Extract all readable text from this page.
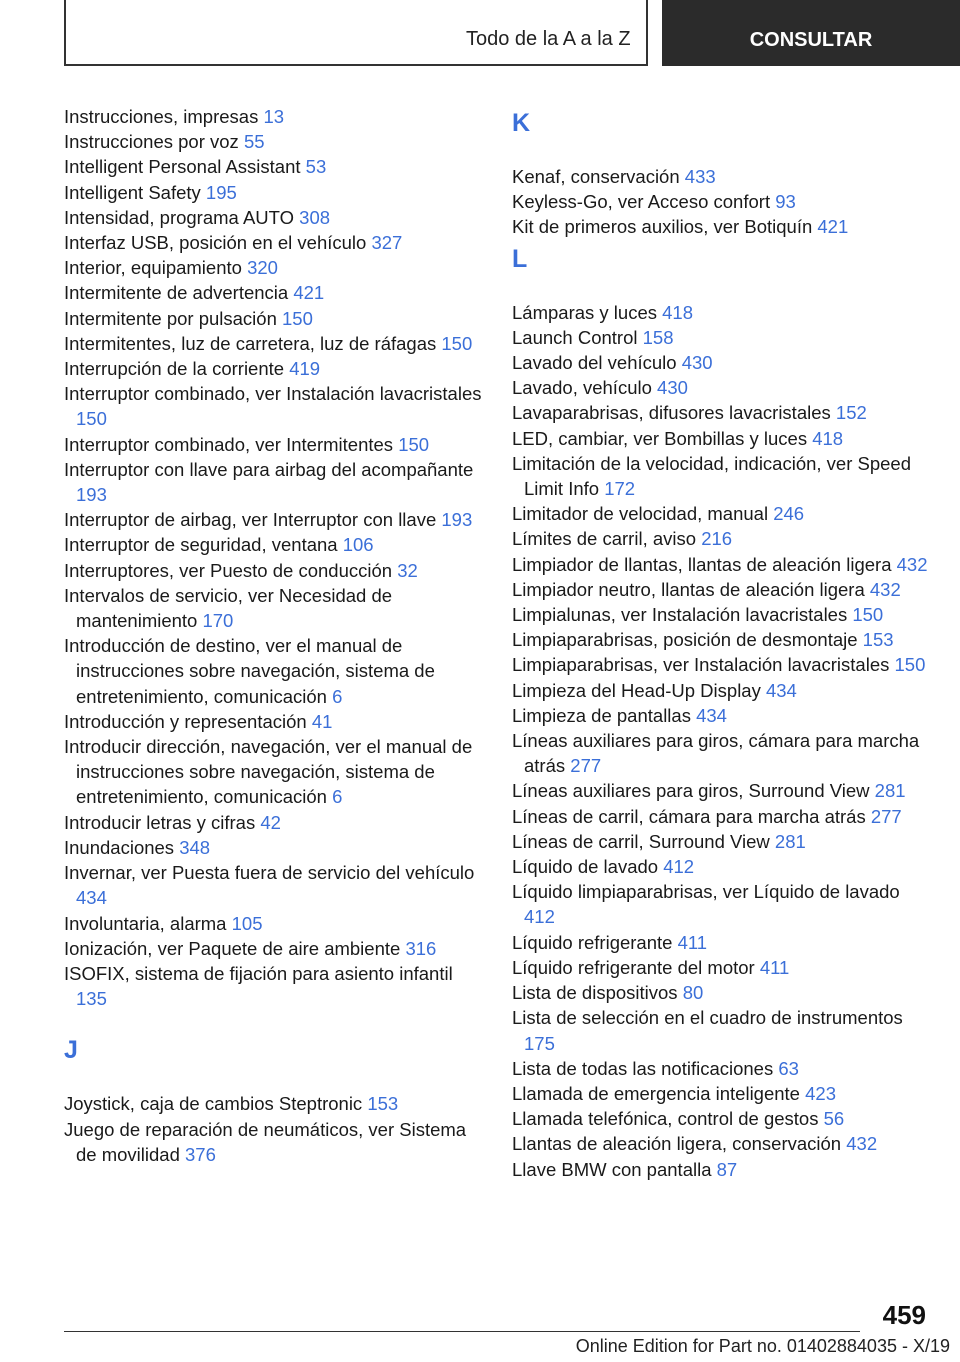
Todo de la A a la Z	CONSULTAR
Instrucciones, impresas 13
Instrucciones por voz 55
Intelligent Personal Assistant 53
Intelligent Safety 195
Intensidad, programa AUTO 308
Interfaz USB, posición en el vehículo 327
Interior, equipamiento 320
Intermitente de advertencia 421
Intermitente por pulsación 150
Intermitentes, luz de carretera, luz de ráfagas 150
Interrupción de la corriente 419
Interruptor combinado, ver Instalación lavacristales 150
Interruptor combinado, ver Intermitentes 150
Interruptor con llave para airbag del acompañante 193
Interruptor de airbag, ver Interruptor con llave 193
Interruptor de seguridad, ventana 106
Interruptores, ver Puesto de conducción 32
Intervalos de servicio, ver Necesidad de mantenimiento 170
Introducción de destino, ver el manual de instrucciones sobre navegación, sistema de entretenimiento, comunicación 6
Introducción y representación 41
Introducir dirección, navegación, ver el manual de instrucciones sobre navegación, sistema de entretenimiento, comunicación 6
Introducir letras y cifras 42
Inundaciones 348
Invernar, ver Puesta fuera de servicio del vehículo 434
Involuntaria, alarma 105
Ionización, ver Paquete de aire ambiente 316
ISOFIX, sistema de fijación para asiento infantil 135
J
Joystick, caja de cambios Steptronic 153
Juego de reparación de neumáticos, ver Sistema de movilidad 376
K
Kenaf, conservación 433
Keyless-Go, ver Acceso confort 93
Kit de primeros auxilios, ver Botiquín 421
L
Lámparas y luces 418
Launch Control 158
Lavado del vehículo 430
Lavado, vehículo 430
Lavaparabrisas, difusores lavacristales 152
LED, cambiar, ver Bombillas y luces 418
Limitación de la velocidad, indicación, ver Speed Limit Info 172
Limitador de velocidad, manual 246
Límites de carril, aviso 216
Limpiador de llantas, llantas de aleación ligera 432
Limpiador neutro, llantas de aleación ligera 432
Limpialunas, ver Instalación lavacristales 150
Limpiaparabrisas, posición de desmontaje 153
Limpiaparabrisas, ver Instalación lavacristales 150
Limpieza del Head-Up Display 434
Limpieza de pantallas 434
Líneas auxiliares para giros, cámara para marcha atrás 277
Líneas auxiliares para giros, Surround View 281
Líneas de carril, cámara para marcha atrás 277
Líneas de carril, Surround View 281
Líquido de lavado 412
Líquido limpiaparabrisas, ver Líquido de lavado 412
Líquido refrigerante 411
Líquido refrigerante del motor 411
Lista de dispositivos 80
Lista de selección en el cuadro de instrumentos 175
Lista de todas las notificaciones 63
Llamada de emergencia inteligente 423
Llamada telefónica, control de gestos 56
Llantas de aleación ligera, conservación 432
Llave BMW con pantalla 87
459
Online Edition for Part no. 01402884035 - X/19
